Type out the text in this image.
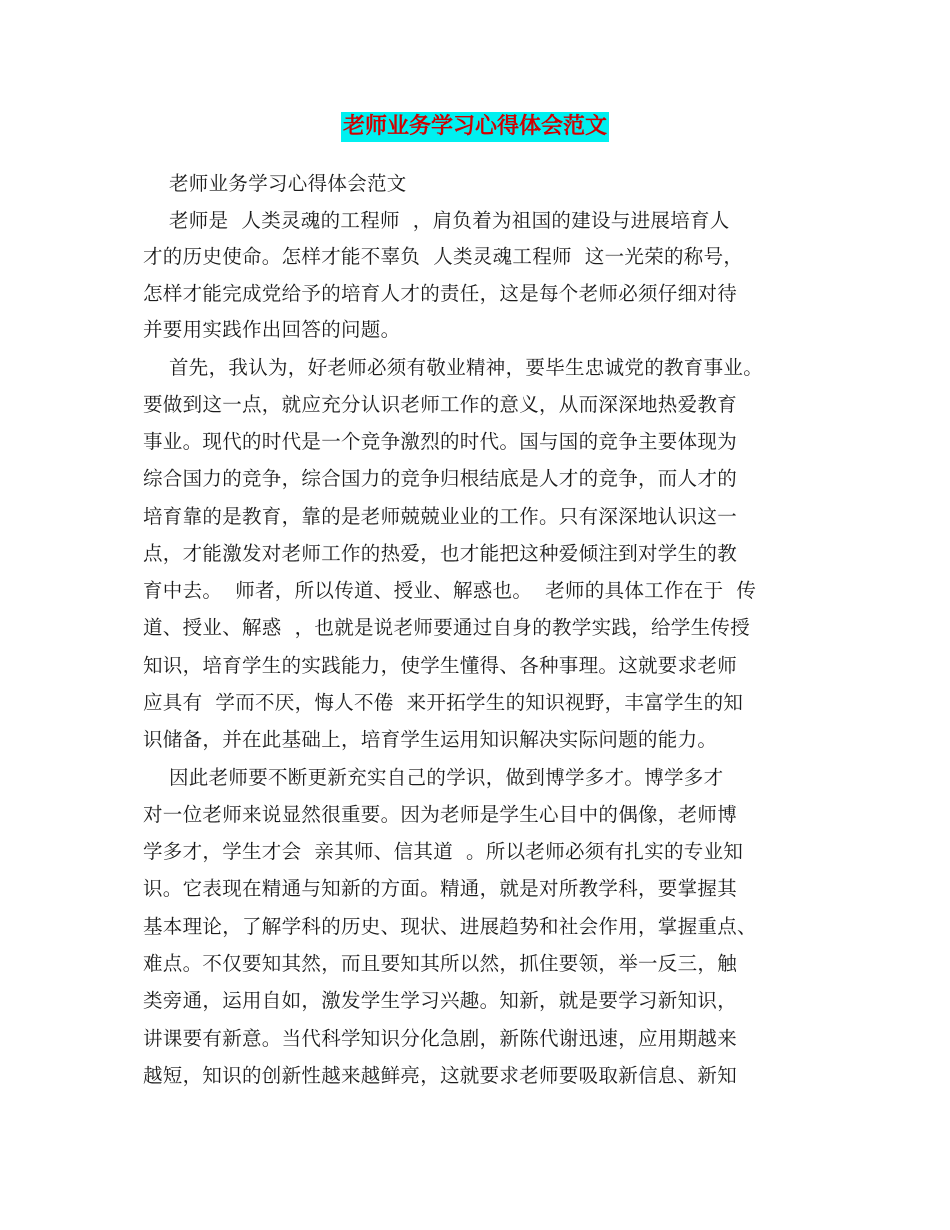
老师业务学习心得体会范文
老师业务学习心得体会范文
老师是  人类灵魂的工程师  ，肩负着为祖国的建设与进展培育人
才的历史使命。怎样才能不辜负  人类灵魂工程师  这一光荣的称号，
怎样才能完成党给予的培育人才的责任，这是每个老师必须仔细对待
并要用实践作出回答的问题。
首先，我认为，好老师必须有敬业精神，要毕生忠诚党的教育事业。
要做到这一点，就应充分认识老师工作的意义，从而深深地热爱教育
事业。现代的时代是一个竞争激烈的时代。国与国的竞争主要体现为
综合国力的竞争，综合国力的竞争归根结底是人才的竞争，而人才的
培育靠的是教育，靠的是老师兢兢业业的工作。只有深深地认识这一
点，才能激发对老师工作的热爱，也才能把这种爱倾注到对学生的教
育中去。  师者，所以传道、授业、解惑也。  老师的具体工作在于  传
道、授业、解惑  ，也就是说老师要通过自身的教学实践，给学生传授
知识，培育学生的实践能力，使学生懂得、各种事理。这就要求老师
应具有  学而不厌，悔人不倦  来开拓学生的知识视野，丰富学生的知
识储备，并在此基础上，培育学生运用知识解决实际问题的能力。
因此老师要不断更新充实自己的学识，做到博学多才。博学多才
对一位老师来说显然很重要。因为老师是学生心目中的偶像，老师博
学多才，学生才会  亲其师、信其道  。所以老师必须有扎实的专业知
识。它表现在精通与知新的方面。精通，就是对所教学科，要掌握其
基本理论，了解学科的历史、现状、进展趋势和社会作用，掌握重点、
难点。不仅要知其然，而且要知其所以然，抓住要领，举一反三，触
类旁通，运用自如，激发学生学习兴趣。知新，就是要学习新知识，
讲课要有新意。当代科学知识分化急剧，新陈代谢迅速，应用期越来
越短，知识的创新性越来越鲜亮，这就要求老师要吸取新信息、新知
